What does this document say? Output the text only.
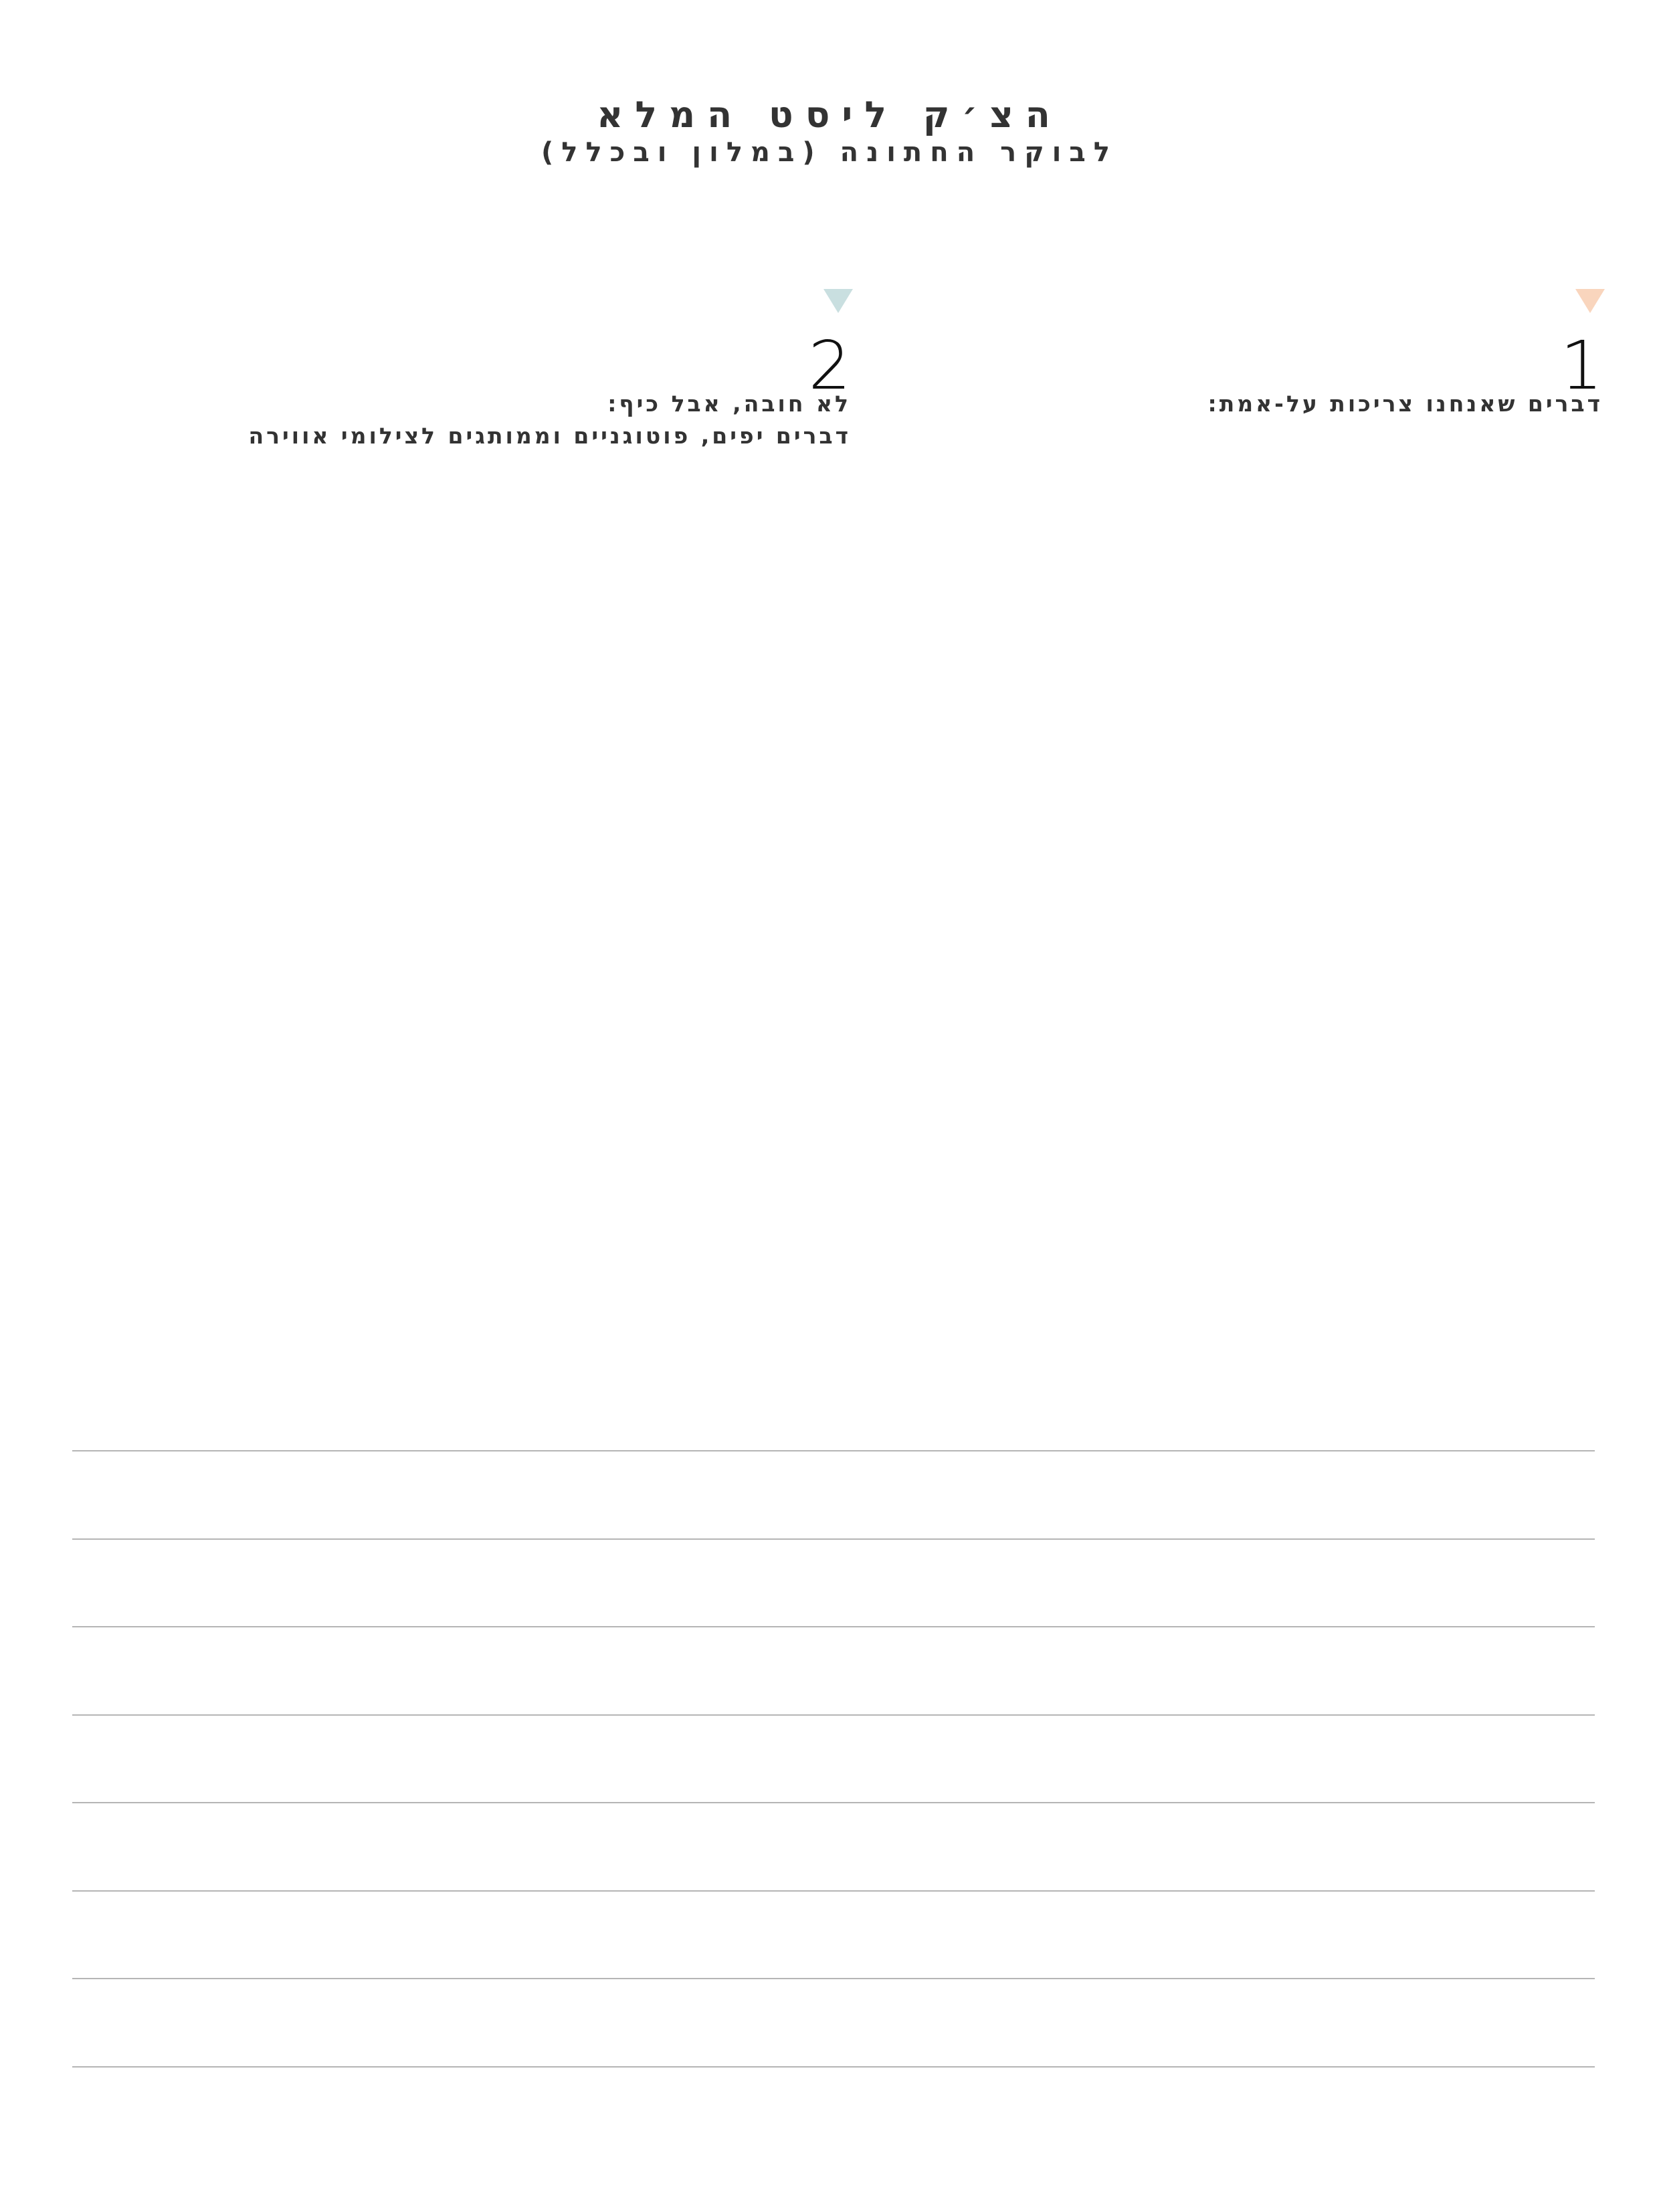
הצ׳ק ליסט המלא
לבוקר החתונה (במלון ובכלל)
1
דברים שאנחנו צריכות על-אמת:
2
לא חובה, אבל כיף:
דברים יפים, פוטוגניים וממותגים לצילומי אווירה
